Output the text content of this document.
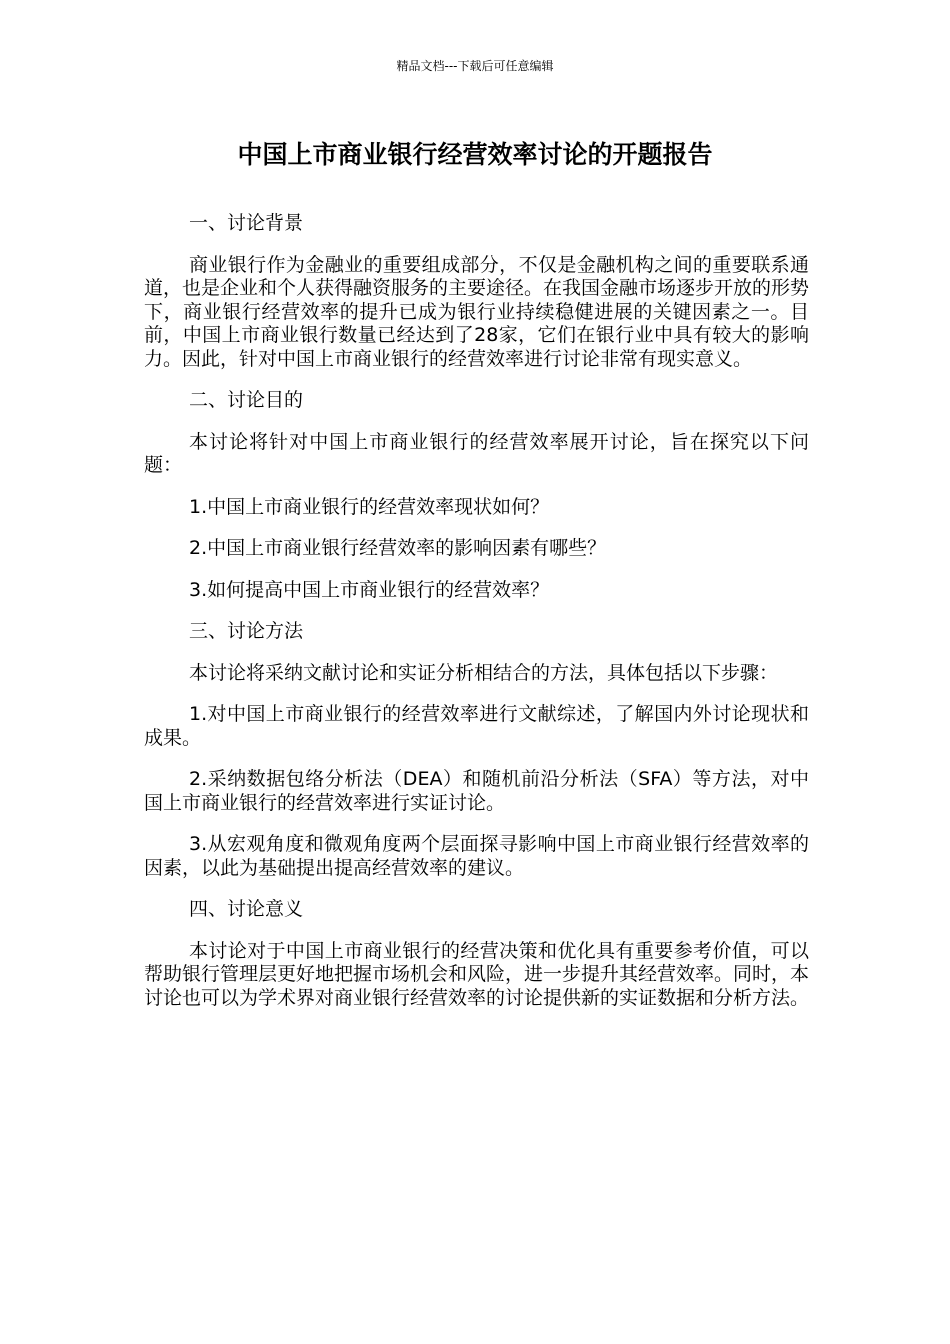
精品文档---下载后可任意编辑
中国上市商业银行经营效率讨论的开题报告

一、讨论背景

商业银行作为金融业的重要组成部分，不仅是金融机构之间的重要联系通道，也是企业和个人获得融资服务的主要途径。在我国金融市场逐步开放的形势下，商业银行经营效率的提升已成为银行业持续稳健进展的关键因素之一。目前，中国上市商业银行数量已经达到了28家，它们在银行业中具有较大的影响力。因此，针对中国上市商业银行的经营效率进行讨论非常有现实意义。

二、讨论目的

本讨论将针对中国上市商业银行的经营效率展开讨论，旨在探究以下问题：

1.中国上市商业银行的经营效率现状如何？

2.中国上市商业银行经营效率的影响因素有哪些？

3.如何提高中国上市商业银行的经营效率？

三、讨论方法

本讨论将采纳文献讨论和实证分析相结合的方法，具体包括以下步骤：

1.对中国上市商业银行的经营效率进行文献综述，了解国内外讨论现状和成果。

2.采纳数据包络分析法（DEA）和随机前沿分析法（SFA）等方法，对中国上市商业银行的经营效率进行实证讨论。

3.从宏观角度和微观角度两个层面探寻影响中国上市商业银行经营效率的因素，以此为基础提出提高经营效率的建议。

四、讨论意义

本讨论对于中国上市商业银行的经营决策和优化具有重要参考价值，可以帮助银行管理层更好地把握市场机会和风险，进一步提升其经营效率。同时，本讨论也可以为学术界对商业银行经营效率的讨论提供新的实证数据和分析方法。
